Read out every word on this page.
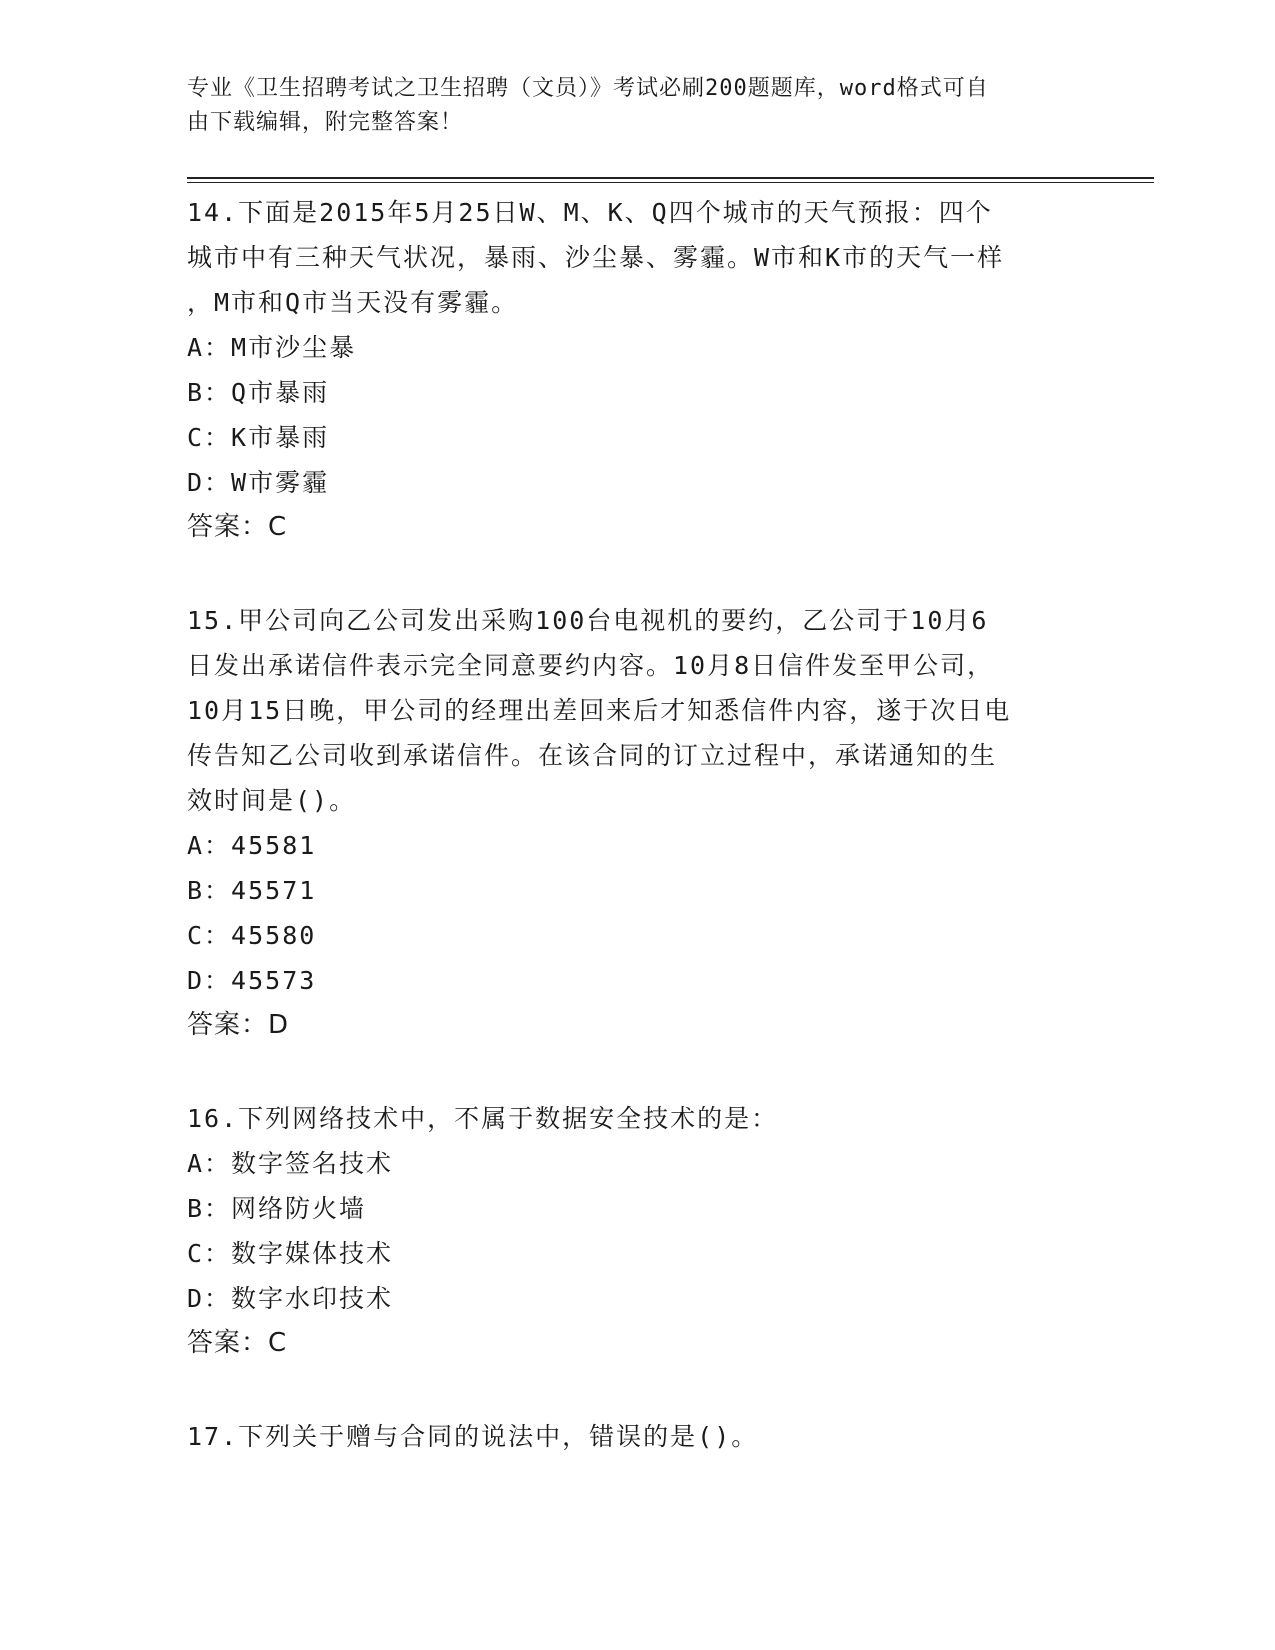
专业《卫生招聘考试之卫生招聘（文员）》考试必刷200题题库，word格式可自
由下载编辑，附完整答案！
14.下面是2015年5月25日W、M、K、Q四个城市的天气预报：四个
城市中有三种天气状况，暴雨、沙尘暴、雾霾。W市和K市的天气一样
，M市和Q市当天没有雾霾。
A：M市沙尘暴
B：Q市暴雨
C：K市暴雨
D：W市雾霾
答案：C
15.甲公司向乙公司发出采购100台电视机的要约，乙公司于10月6
日发出承诺信件表示完全同意要约内容。10月8日信件发至甲公司，
10月15日晚，甲公司的经理出差回来后才知悉信件内容，遂于次日电
传告知乙公司收到承诺信件。在该合同的订立过程中，承诺通知的生
效时间是()。
A：45581
B：45571
C：45580
D：45573
答案：D
16.下列网络技术中，不属于数据安全技术的是：
A：数字签名技术
B：网络防火墙
C：数字媒体技术
D：数字水印技术
答案：C
17.下列关于赠与合同的说法中，错误的是()。
